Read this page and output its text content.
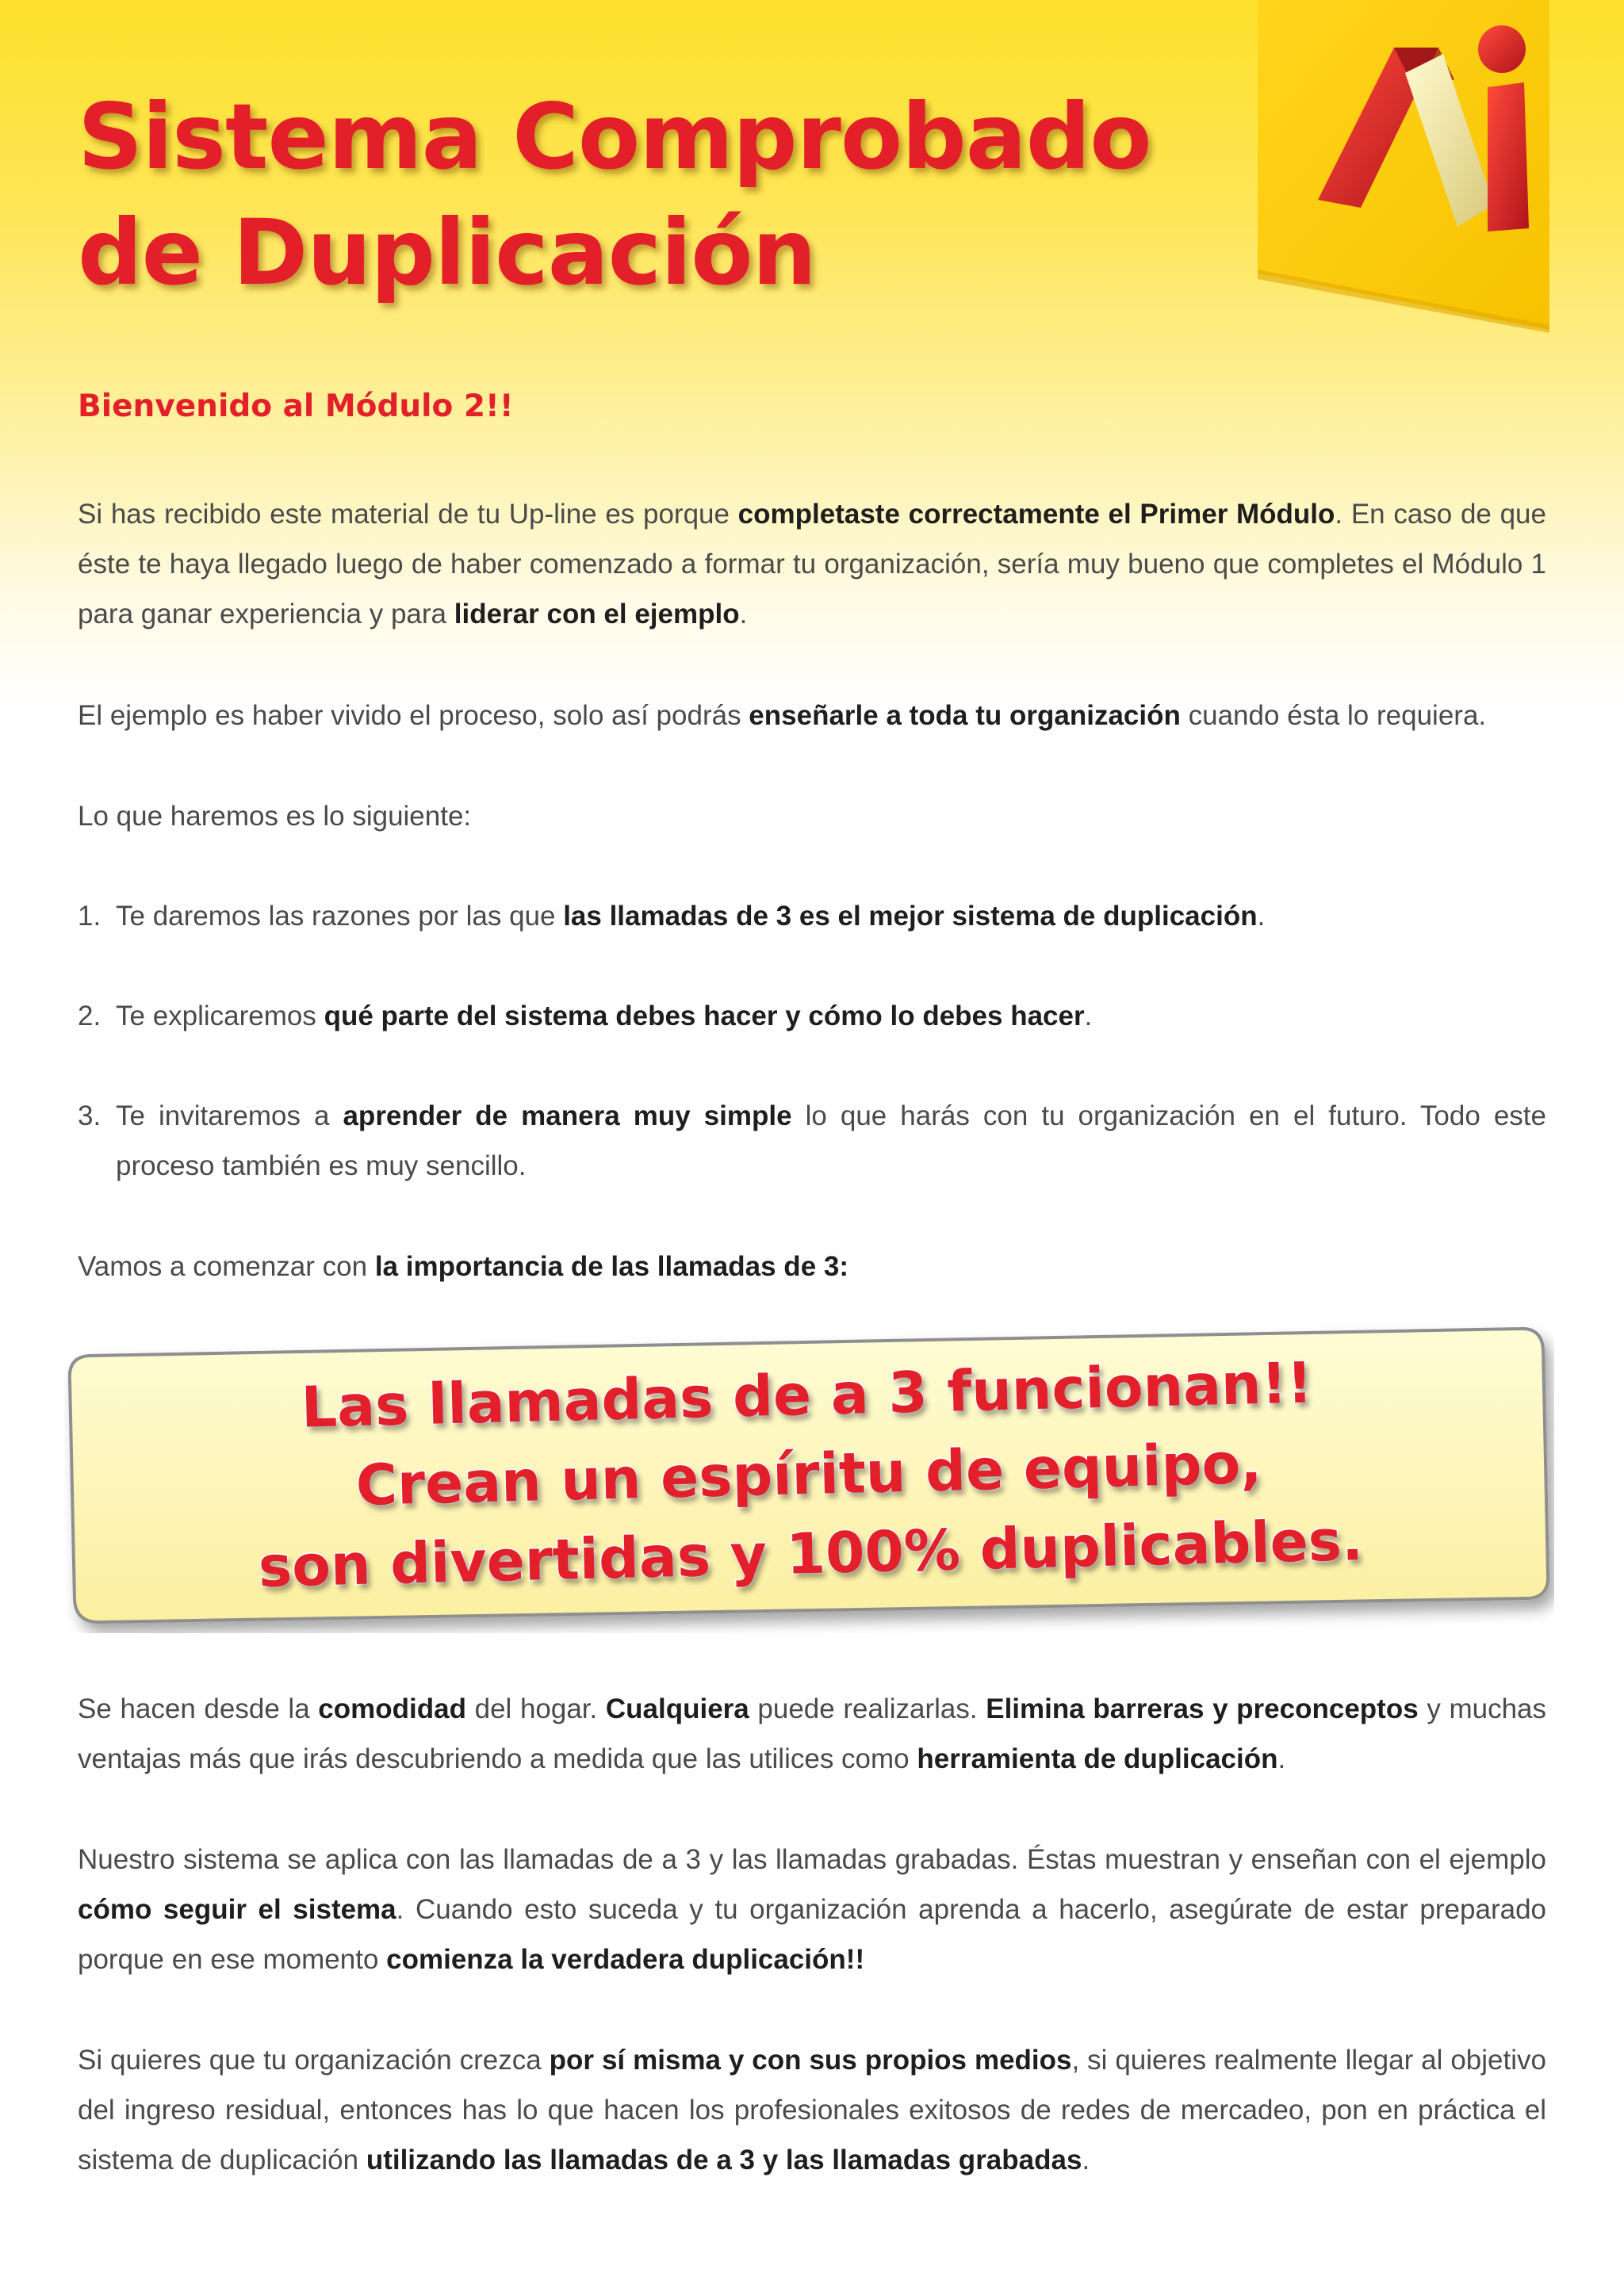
Sistema Comprobado
de Duplicación
Bienvenido al Módulo 2!!

Si has recibido este material de tu Up-line es porque completaste correctamente el Primer Módulo. En caso de que éste te haya llegado luego de haber comenzado a formar tu organización, sería muy bueno que completes el Módulo 1 para ganar experiencia y para liderar con el ejemplo.

El ejemplo es haber vivido el proceso, solo así podrás enseñarle a toda tu organización cuando ésta lo requiera.

Lo que haremos es lo siguiente:

1. Te daremos las razones por las que las llamadas de 3 es el mejor sistema de duplicación.
2. Te explicaremos qué parte del sistema debes hacer y cómo lo debes hacer.
3. Te invitaremos a aprender de manera muy simple lo que harás con tu organización en el futuro. Todo este proceso también es muy sencillo.

Vamos a comenzar con la importancia de las llamadas de 3:

Las llamadas de a 3 funcionan!!
Crean un espíritu de equipo,
son divertidas y 100% duplicables.

Se hacen desde la comodidad del hogar. Cualquiera puede realizarlas. Elimina barreras y preconceptos y muchas ventajas más que irás descubriendo a medida que las utilices como herramienta de duplicación.

Nuestro sistema se aplica con las llamadas de a 3 y las llamadas grabadas. Éstas muestran y enseñan con el ejemplo cómo seguir el sistema. Cuando esto suceda y tu organización aprenda a hacerlo, asegúrate de estar preparado porque en ese momento comienza la verdadera duplicación!!

Si quieres que tu organización crezca por sí misma y con sus propios medios, si quieres realmente llegar al objetivo del ingreso residual, entonces has lo que hacen los profesionales exitosos de redes de mercadeo, pon en práctica el sistema de duplicación utilizando las llamadas de a 3 y las llamadas grabadas.
